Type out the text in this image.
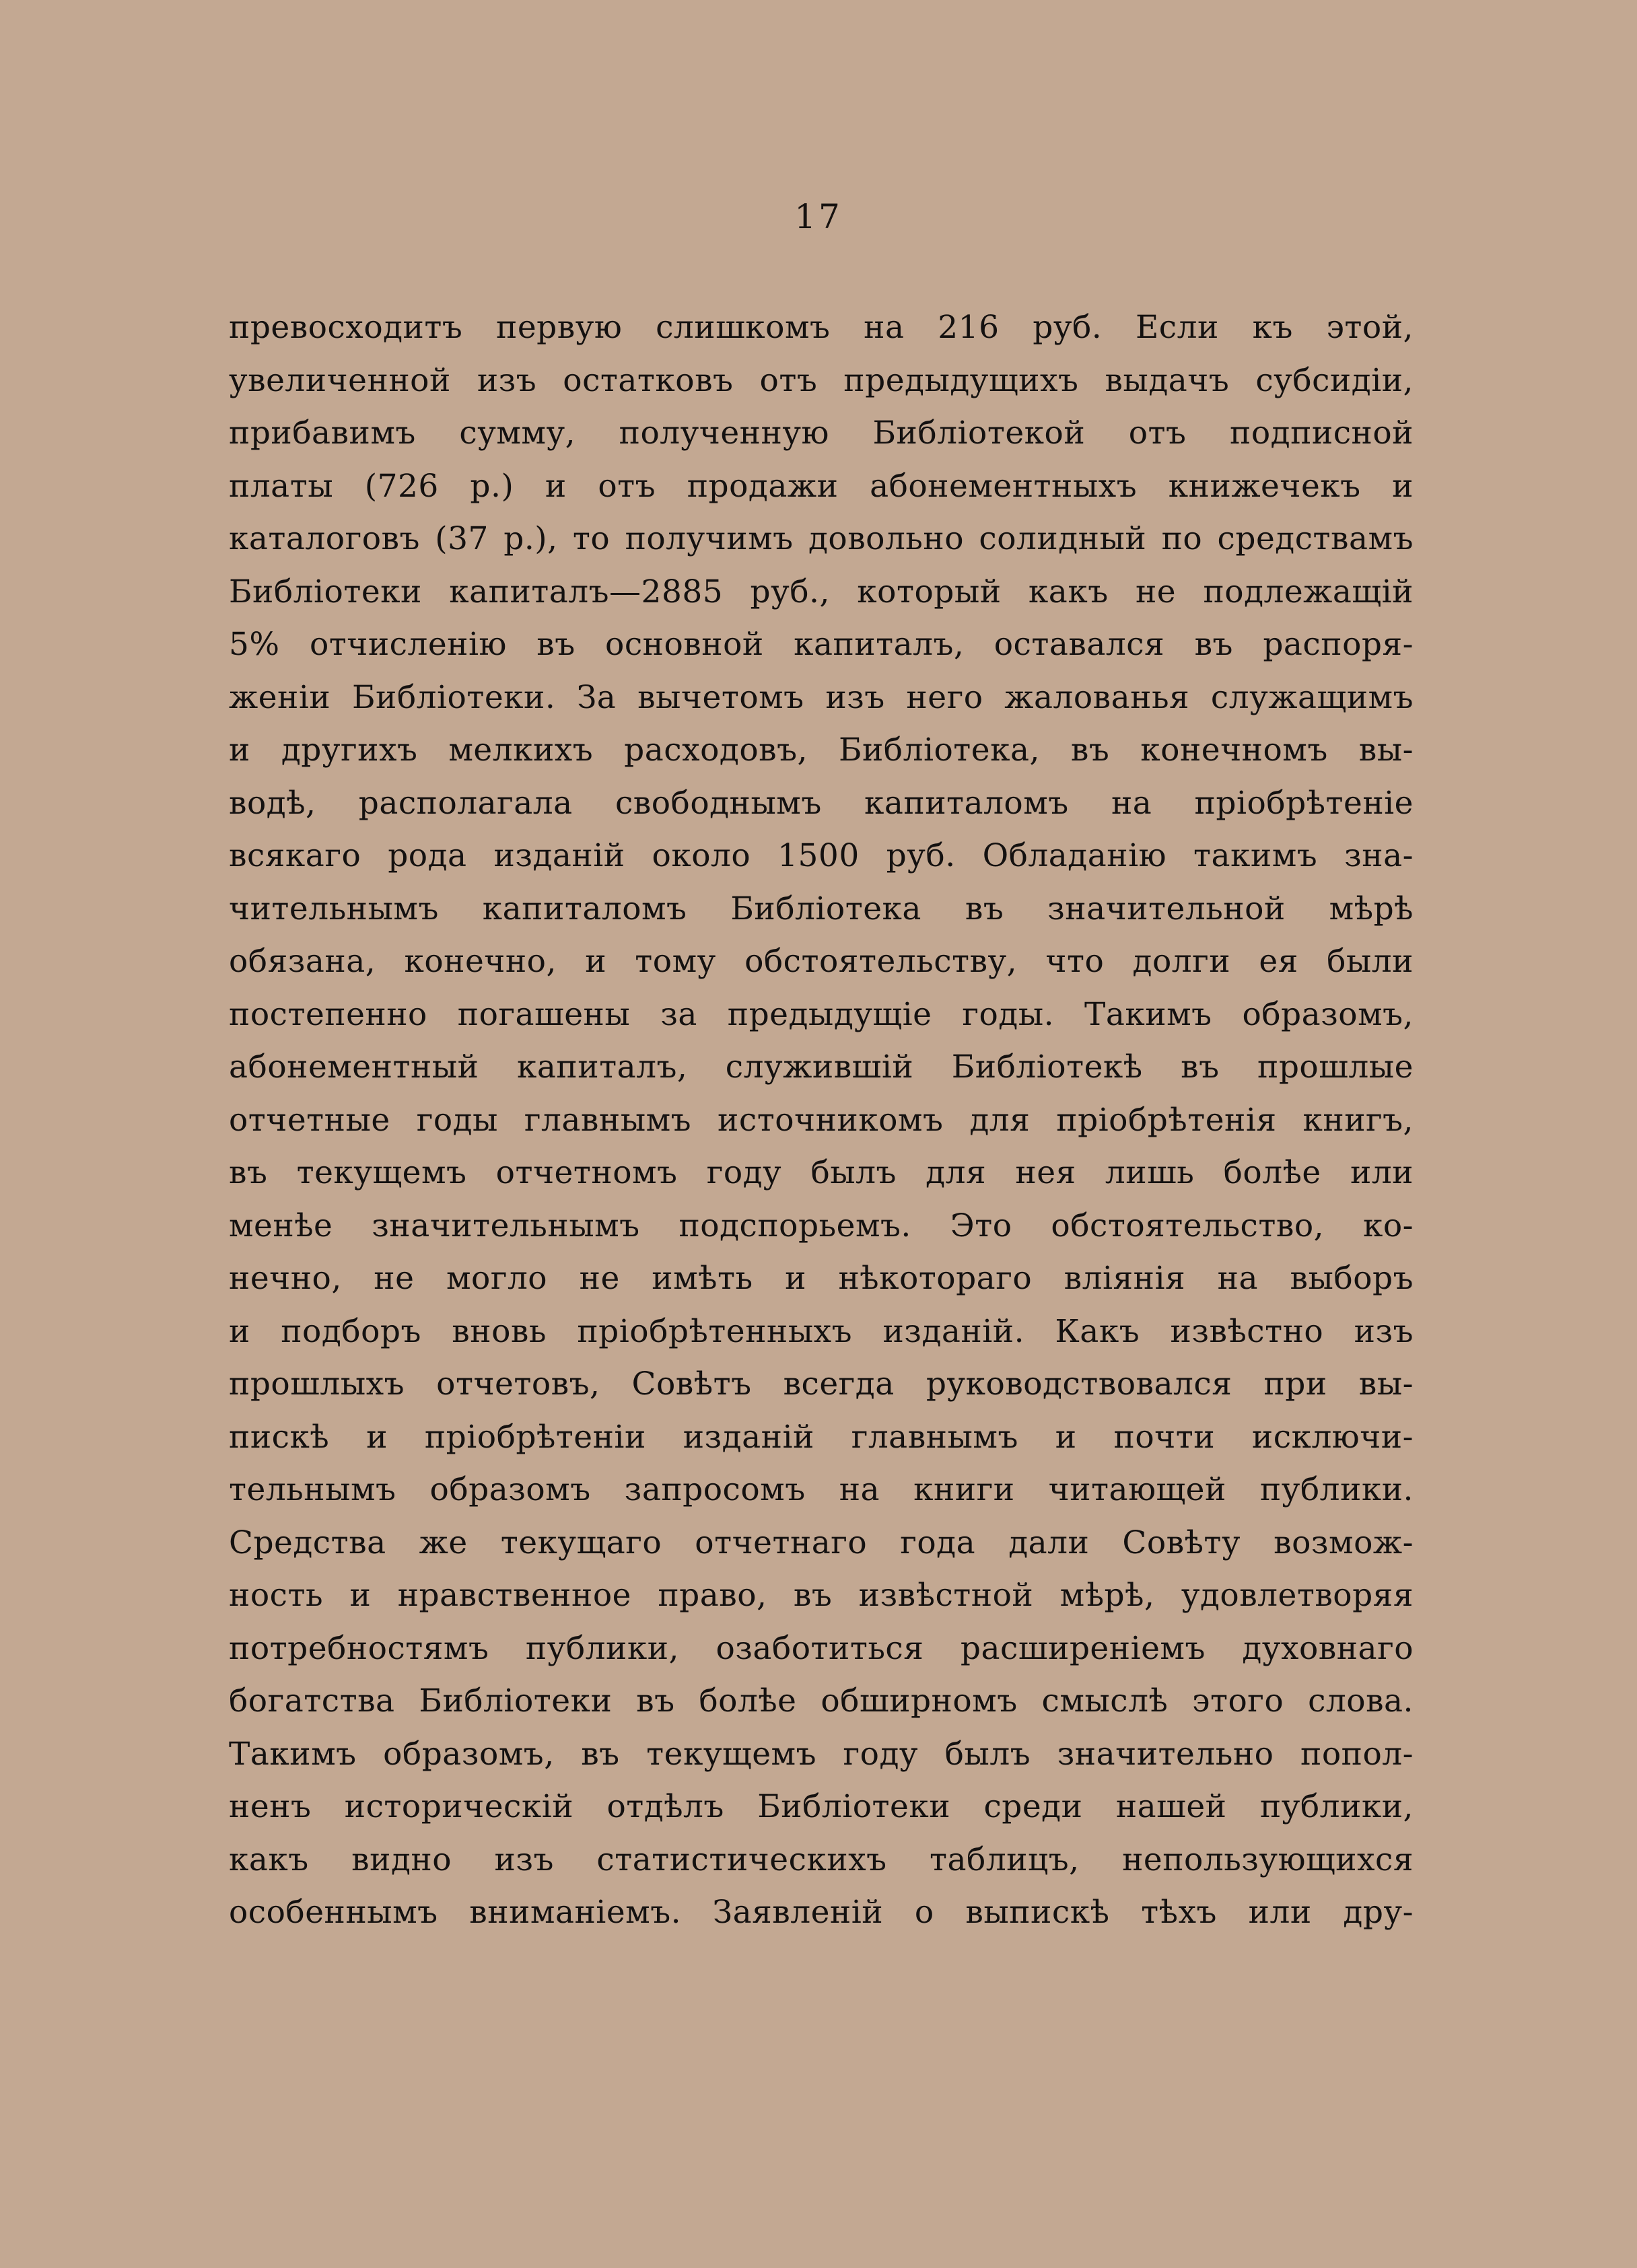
17
превосходитъ первую слишкомъ на 216 руб. Если къ этой,
увеличенной изъ остатковъ отъ предыдущихъ выдачъ субсидiи,
прибавимъ сумму, полученную Библiотекой отъ подписной
платы (726 р.) и отъ продажи абонементныхъ книжечекъ и
каталоговъ (37 р.), то получимъ довольно солидный по средствамъ
Библiотеки капиталъ—2885 руб., который какъ не подлежащiй
5% отчисленiю въ основной капиталъ, оставался въ распоря-
женiи Библiотеки. За вычетомъ изъ него жалованья служащимъ
и другихъ мелкихъ расходовъ, Библiотека, въ конечномъ вы-
водѣ, располагала свободнымъ капиталомъ на прiобрѣтенiе
всякаго рода изданiй около 1500 руб. Обладанiю такимъ зна-
чительнымъ капиталомъ Библiотека въ значительной мѣрѣ
обязана, конечно, и тому обстоятельству, что долги ея были
постепенно погашены за предыдущiе годы. Такимъ образомъ,
абонементный капиталъ, служившiй Библiотекѣ въ прошлые
отчетные годы главнымъ источникомъ для прiобрѣтенiя книгъ,
въ текущемъ отчетномъ году былъ для нея лишь болѣе или
менѣе значительнымъ подспорьемъ. Это обстоятельство, ко-
нечно, не могло не имѣть и нѣкотораго влiянiя на выборъ
и подборъ вновь прiобрѣтенныхъ изданiй. Какъ извѣстно изъ
прошлыхъ отчетовъ, Совѣтъ всегда руководствовался при вы-
пискѣ и прiобрѣтенiи изданiй главнымъ и почти исключи-
тельнымъ образомъ запросомъ на книги читающей публики.
Средства же текущаго отчетнаго года дали Совѣту возмож-
ность и нравственное право, въ извѣстной мѣрѣ, удовлетворяя
потребностямъ публики, озаботиться расширенiемъ духовнаго
богатства Библiотеки въ болѣе обширномъ смыслѣ этого слова.
Такимъ образомъ, въ текущемъ году былъ значительно попол-
ненъ историческiй отдѣлъ Библiотеки среди нашей публики,
какъ видно изъ статистическихъ таблицъ, непользующихся
особеннымъ вниманiемъ. Заявленiй о выпискѣ тѣхъ или дру-
